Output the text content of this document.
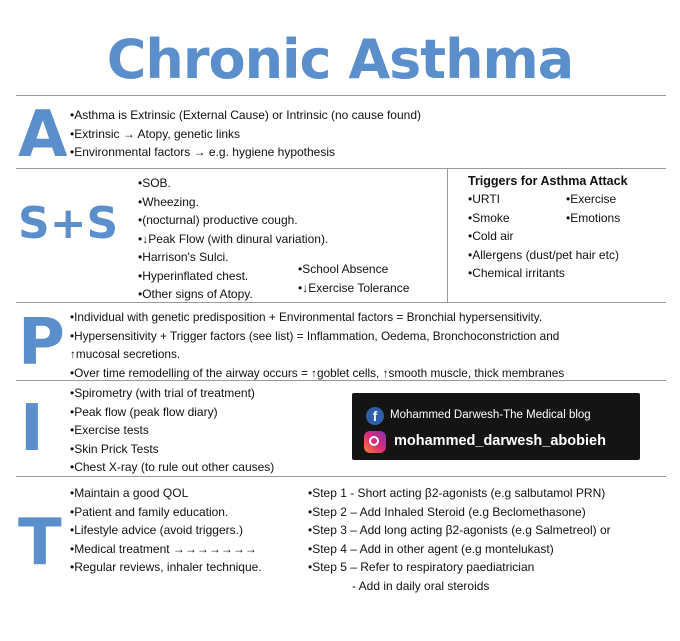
Chronic Asthma
A •Asthma is Extrinsic (External Cause) or Intrinsic (no cause found)
•Extrinsic → Atopy, genetic links
•Environmental factors → e.g. hygiene hypothesis
S+S
•SOB.
•Wheezing.
•(nocturnal) productive cough.
•↓Peak Flow (with dinural variation).
•Harrison's Sulci.
•Hyperinflated chest.
•Other signs of Atopy.
•School Absence
•↓Exercise Tolerance
Triggers for Asthma Attack
•URTI
•Smoke
•Cold air
•Allergens (dust/pet hair etc)
•Chemical irritants
•Exercise
•Emotions
P •Individual with genetic predisposition + Environmental factors = Bronchial hypersensitivity.
•Hypersensitivity + Trigger factors (see list) = Inflammation, Oedema, Bronchoconstriction and
↑mucosal secretions.
•Over time remodelling of the airway occurs = ↑goblet cells, ↑smooth muscle, thick membranes
I •Spirometry (with trial of treatment)
•Peak flow (peak flow diary)
•Exercise tests
•Skin Prick Tests
•Chest X-ray (to rule out other causes)
T
•Maintain a good QOL
•Patient and family education.
•Lifestyle advice (avoid triggers.)
•Medical treatment →→→→→→→
•Regular reviews, inhaler technique.
•Step 1 - Short acting β2-agonists (e.g salbutamol PRN)
•Step 2 – Add Inhaled Steroid (e.g Beclomethasone)
•Step 3 – Add long acting β2-agonists (e.g Salmetreol) or
•Step 4 – Add in other agent (e.g montelukast)
•Step 5 – Refer to respiratory paediatrician
- Add in daily oral steroids
f	Mohammed Darwesh-The Medical blog
mohammed_darwesh_abobieh
